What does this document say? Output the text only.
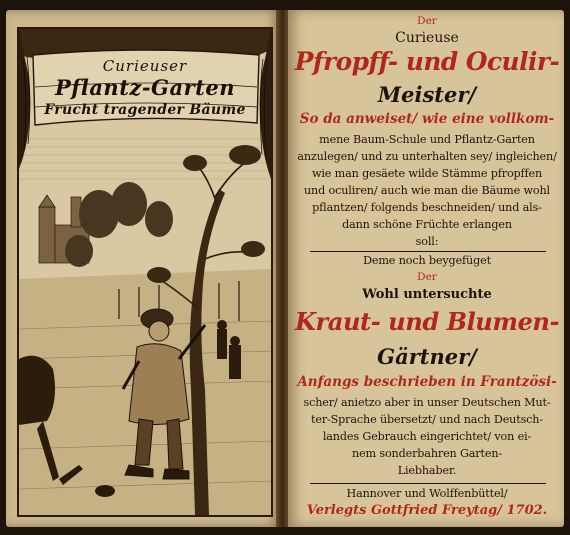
Curieuser
Pflantz-Garten
Frucht tragender Bäume
Der
Curieuse
Pfropff- und Oculir-
Meister/
So da anweiset/ wie eine vollkom-
mene Baum-Schule und Pflantz-Garten
anzulegen/ und zu unterhalten sey/ ingleichen/
wie man gesäete wilde Stämme pfropffen
und oculiren/ auch wie man die Bäume wohl
pflantzen/ folgends beschneiden/ und als-
dann schöne Früchte erlangen
soll:
Deme noch beygefüget
Der
Wohl untersuchte
Kraut- und Blumen-
Gärtner/
Anfangs beschrieben in Frantzösi-
scher/ anietzo aber in unser Deutschen Mut-
ter-Sprache übersetzt/ und nach Deutsch-
landes Gebrauch eingerichtet/ von ei-
nem sonderbahren Garten-
Liebhaber.
Hannover und Wolffenbüttel/
Verlegts Gottfried Freytag/ 1702.
